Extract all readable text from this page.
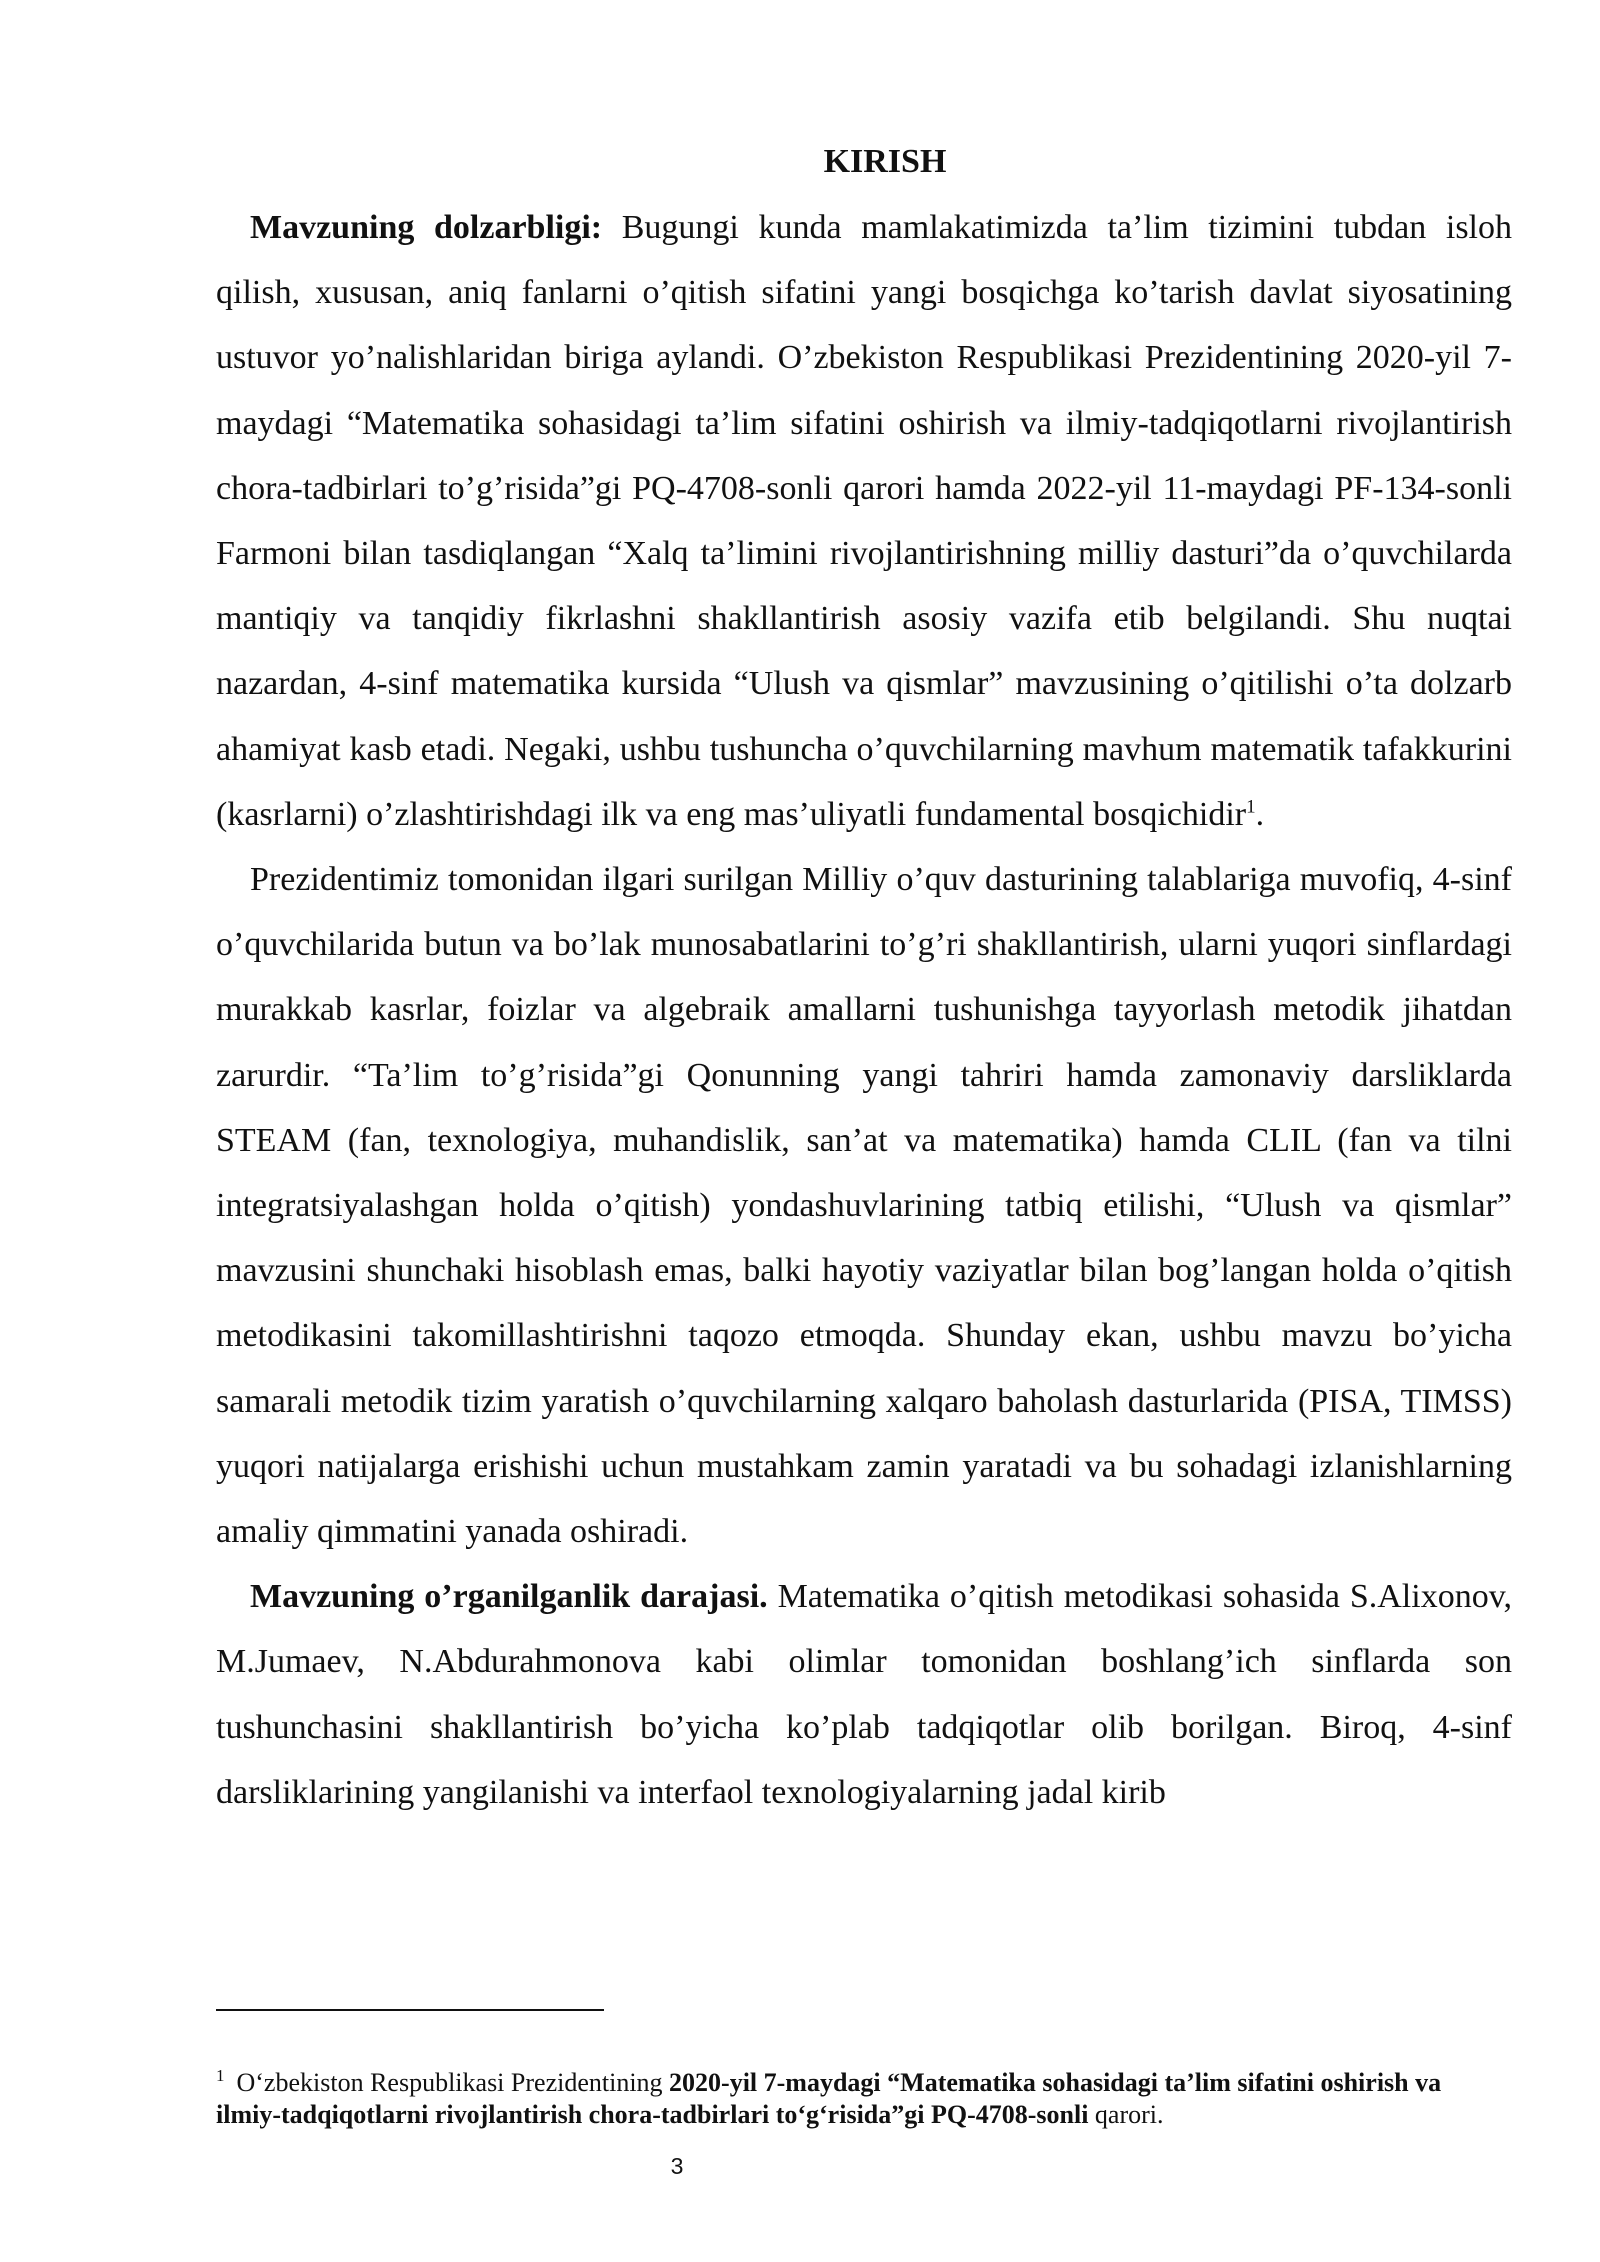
KIRISH

Mavzuning dolzarbligi: Bugungi kunda mamlakatimizda ta’lim tizimini tubdan isloh qilish, xususan, aniq fanlarni o’qitish sifatini yangi bosqichga ko’tarish davlat siyosatining ustuvor yo’nalishlaridan biriga aylandi. O’zbekiston Respublikasi Prezidentining 2020-yil 7-maydagi “Matematika sohasidagi ta’lim sifatini oshirish va ilmiy-tadqiqotlarni rivojlantirish chora-tadbirlari to’g’risida”gi PQ-4708-sonli qarori hamda 2022-yil 11-maydagi PF-134-sonli Farmoni bilan tasdiqlangan “Xalq ta’limini rivojlantirishning milliy dasturi”da o’quvchilarda mantiqiy va tanqidiy fikrlashni shakllantirish asosiy vazifa etib belgilandi. Shu nuqtai nazardan, 4-sinf matematika kursida “Ulush va qismlar” mavzusining o’qitilishi o’ta dolzarb ahamiyat kasb etadi. Negaki, ushbu tushuncha o’quvchilarning mavhum matematik tafakkurini (kasrlarni) o’zlashtirishdagi ilk va eng mas’uliyatli fundamental bosqichidir$^1$.

Prezidentimiz tomonidan ilgari surilgan Milliy o’quv dasturining talablariga muvofiq, 4-sinf o’quvchilarida butun va bo’lak munosabatlarini to’g’ri shakllantirish, ularni yuqori sinflardagi murakkab kasrlar, foizlar va algebraik amallarni tushunishga tayyorlash metodik jihatdan zarurdir. “Ta’lim to’g’risida”gi Qonunning yangi tahriri hamda zamonaviy darsliklarda STEAM (fan, texnologiya, muhandislik, san’at va matematika) hamda CLIL (fan va tilni integratsiyalashgan holda o’qitish) yondashuvlarining tatbiq etilishi, “Ulush va qismlar” mavzusini shunchaki hisoblash emas, balki hayotiy vaziyatlar bilan bog’langan holda o’qitish metodikasini takomillashtirishni taqozo etmoqda. Shunday ekan, ushbu mavzu bo’yicha samarali metodik tizim yaratish o’quvchilarning xalqaro baholash dasturlarida (PISA, TIMSS) yuqori natijalarga erishishi uchun mustahkam zamin yaratadi va bu sohadagi izlanishlarning amaliy qimmatini yanada oshiradi.

Mavzuning o’rganilganlik darajasi. Matematika o’qitish metodikasi sohasida S.Alixonov, M.Jumaev, N.Abdurahmonova kabi olimlar tomonidan boshlang’ich sinflarda son tushunchasini shakllantirish bo’yicha ko’plab tadqiqotlar olib borilgan. Biroq, 4-sinf darsliklarining yangilanishi va interfaol texnologiyalarning jadal kirib

$^1$ O‘zbekiston Respublikasi Prezidentining 2020-yil 7-maydagi “Matematika sohasidagi ta’lim sifatini oshirish va ilmiy-tadqiqotlarni rivojlantirish chora-tadbirlari to‘g‘risida”gi PQ-4708-sonli qarori.
3
